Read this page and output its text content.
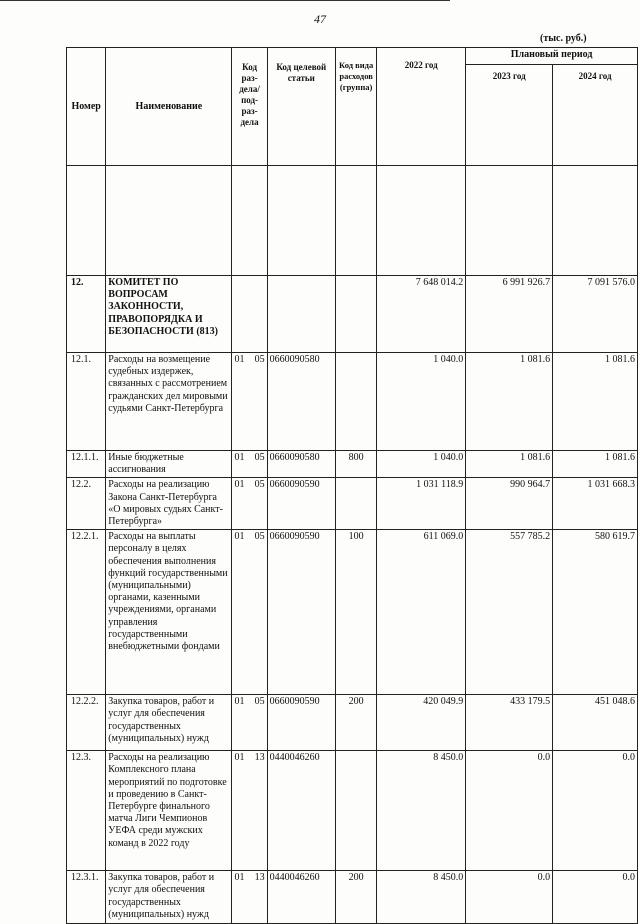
47
(тыс. руб.)
Номер	Наименование	Код раз-дела/ под-раз-дела	Код целевой статьи	Код вида расходов (группа)	2022 год	Плановый период	
						2023 год	2024 год

12.	КОМИТЕТ ПО ВОПРОСАМ ЗАКОННОСТИ, ПРАВОПОРЯДКА И БЕЗОПАСНОСТИ (813)				7 648 014.2	6 991 926.7	7 091 576.0
12.1.	Расходы на возмещение судебных издержек, связанных с рассмотрением гражданских дел мировыми судьями Санкт-Петербурга	01 05	0660090580		1 040.0	1 081.6	1 081.6
12.1.1.	Иные бюджетные ассигнования	01 05	0660090580	800	1 040.0	1 081.6	1 081.6
12.2.	Расходы на реализацию Закона Санкт-Петербурга «О мировых судьях Санкт-Петербурга»	01 05	0660090590		1 031 118.9	990 964.7	1 031 668.3
12.2.1.	Расходы на выплаты персоналу в целях обеспечения выполнения функций государственными (муниципальными) органами, казенными учреждениями, органами управления государственными внебюджетными фондами	01 05	0660090590	100	611 069.0	557 785.2	580 619.7
12.2.2.	Закупка товаров, работ и услуг для обеспечения государственных (муниципальных) нужд	01 05	0660090590	200	420 049.9	433 179.5	451 048.6
12.3.	Расходы на реализацию Комплексного плана мероприятий по подготовке и проведению в Санкт-Петербурге финального матча Лиги Чемпионов УЕФА среди мужских команд в 2022 году	01 13	0440046260		8 450.0	0.0	0.0
12.3.1.	Закупка товаров, работ и услуг для обеспечения государственных (муниципальных) нужд	01 13	0440046260	200	8 450.0	0.0	0.0
